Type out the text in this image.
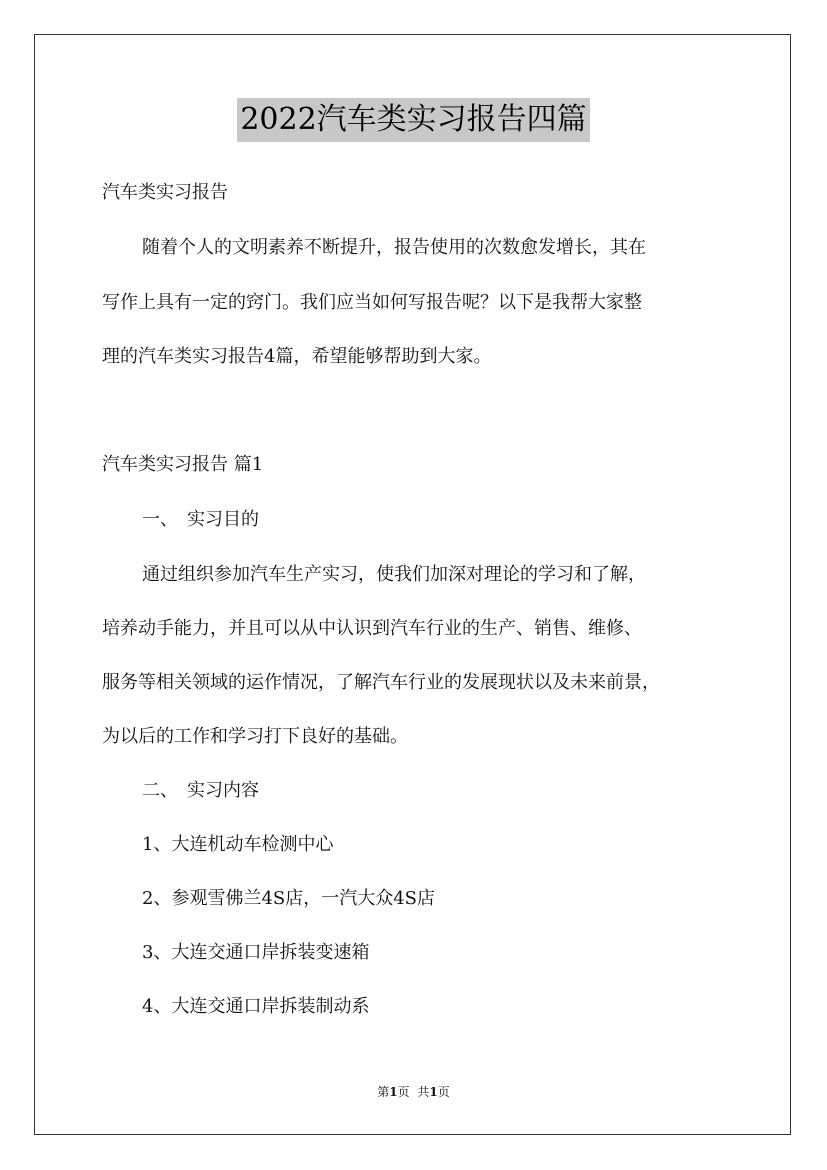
2022汽车类实习报告四篇
汽车类实习报告
随着个人的文明素养不断提升，报告使用的次数愈发增长，其在
写作上具有一定的窍门。我们应当如何写报告呢？以下是我帮大家整
理的汽车类实习报告4篇，希望能够帮助到大家。
汽车类实习报告 篇1
一、　实习目的
通过组织参加汽车生产实习，使我们加深对理论的学习和了解，
培养动手能力，并且可以从中认识到汽车行业的生产、销售、维修、
服务等相关领域的运作情况，了解汽车行业的发展现状以及未来前景，
为以后的工作和学习打下良好的基础。
二、　实习内容
1、大连机动车检测中心
2、参观雪佛兰4S店，一汽大众4S店
3、大连交通口岸拆装变速箱
4、大连交通口岸拆装制动系
第1页 共1页
